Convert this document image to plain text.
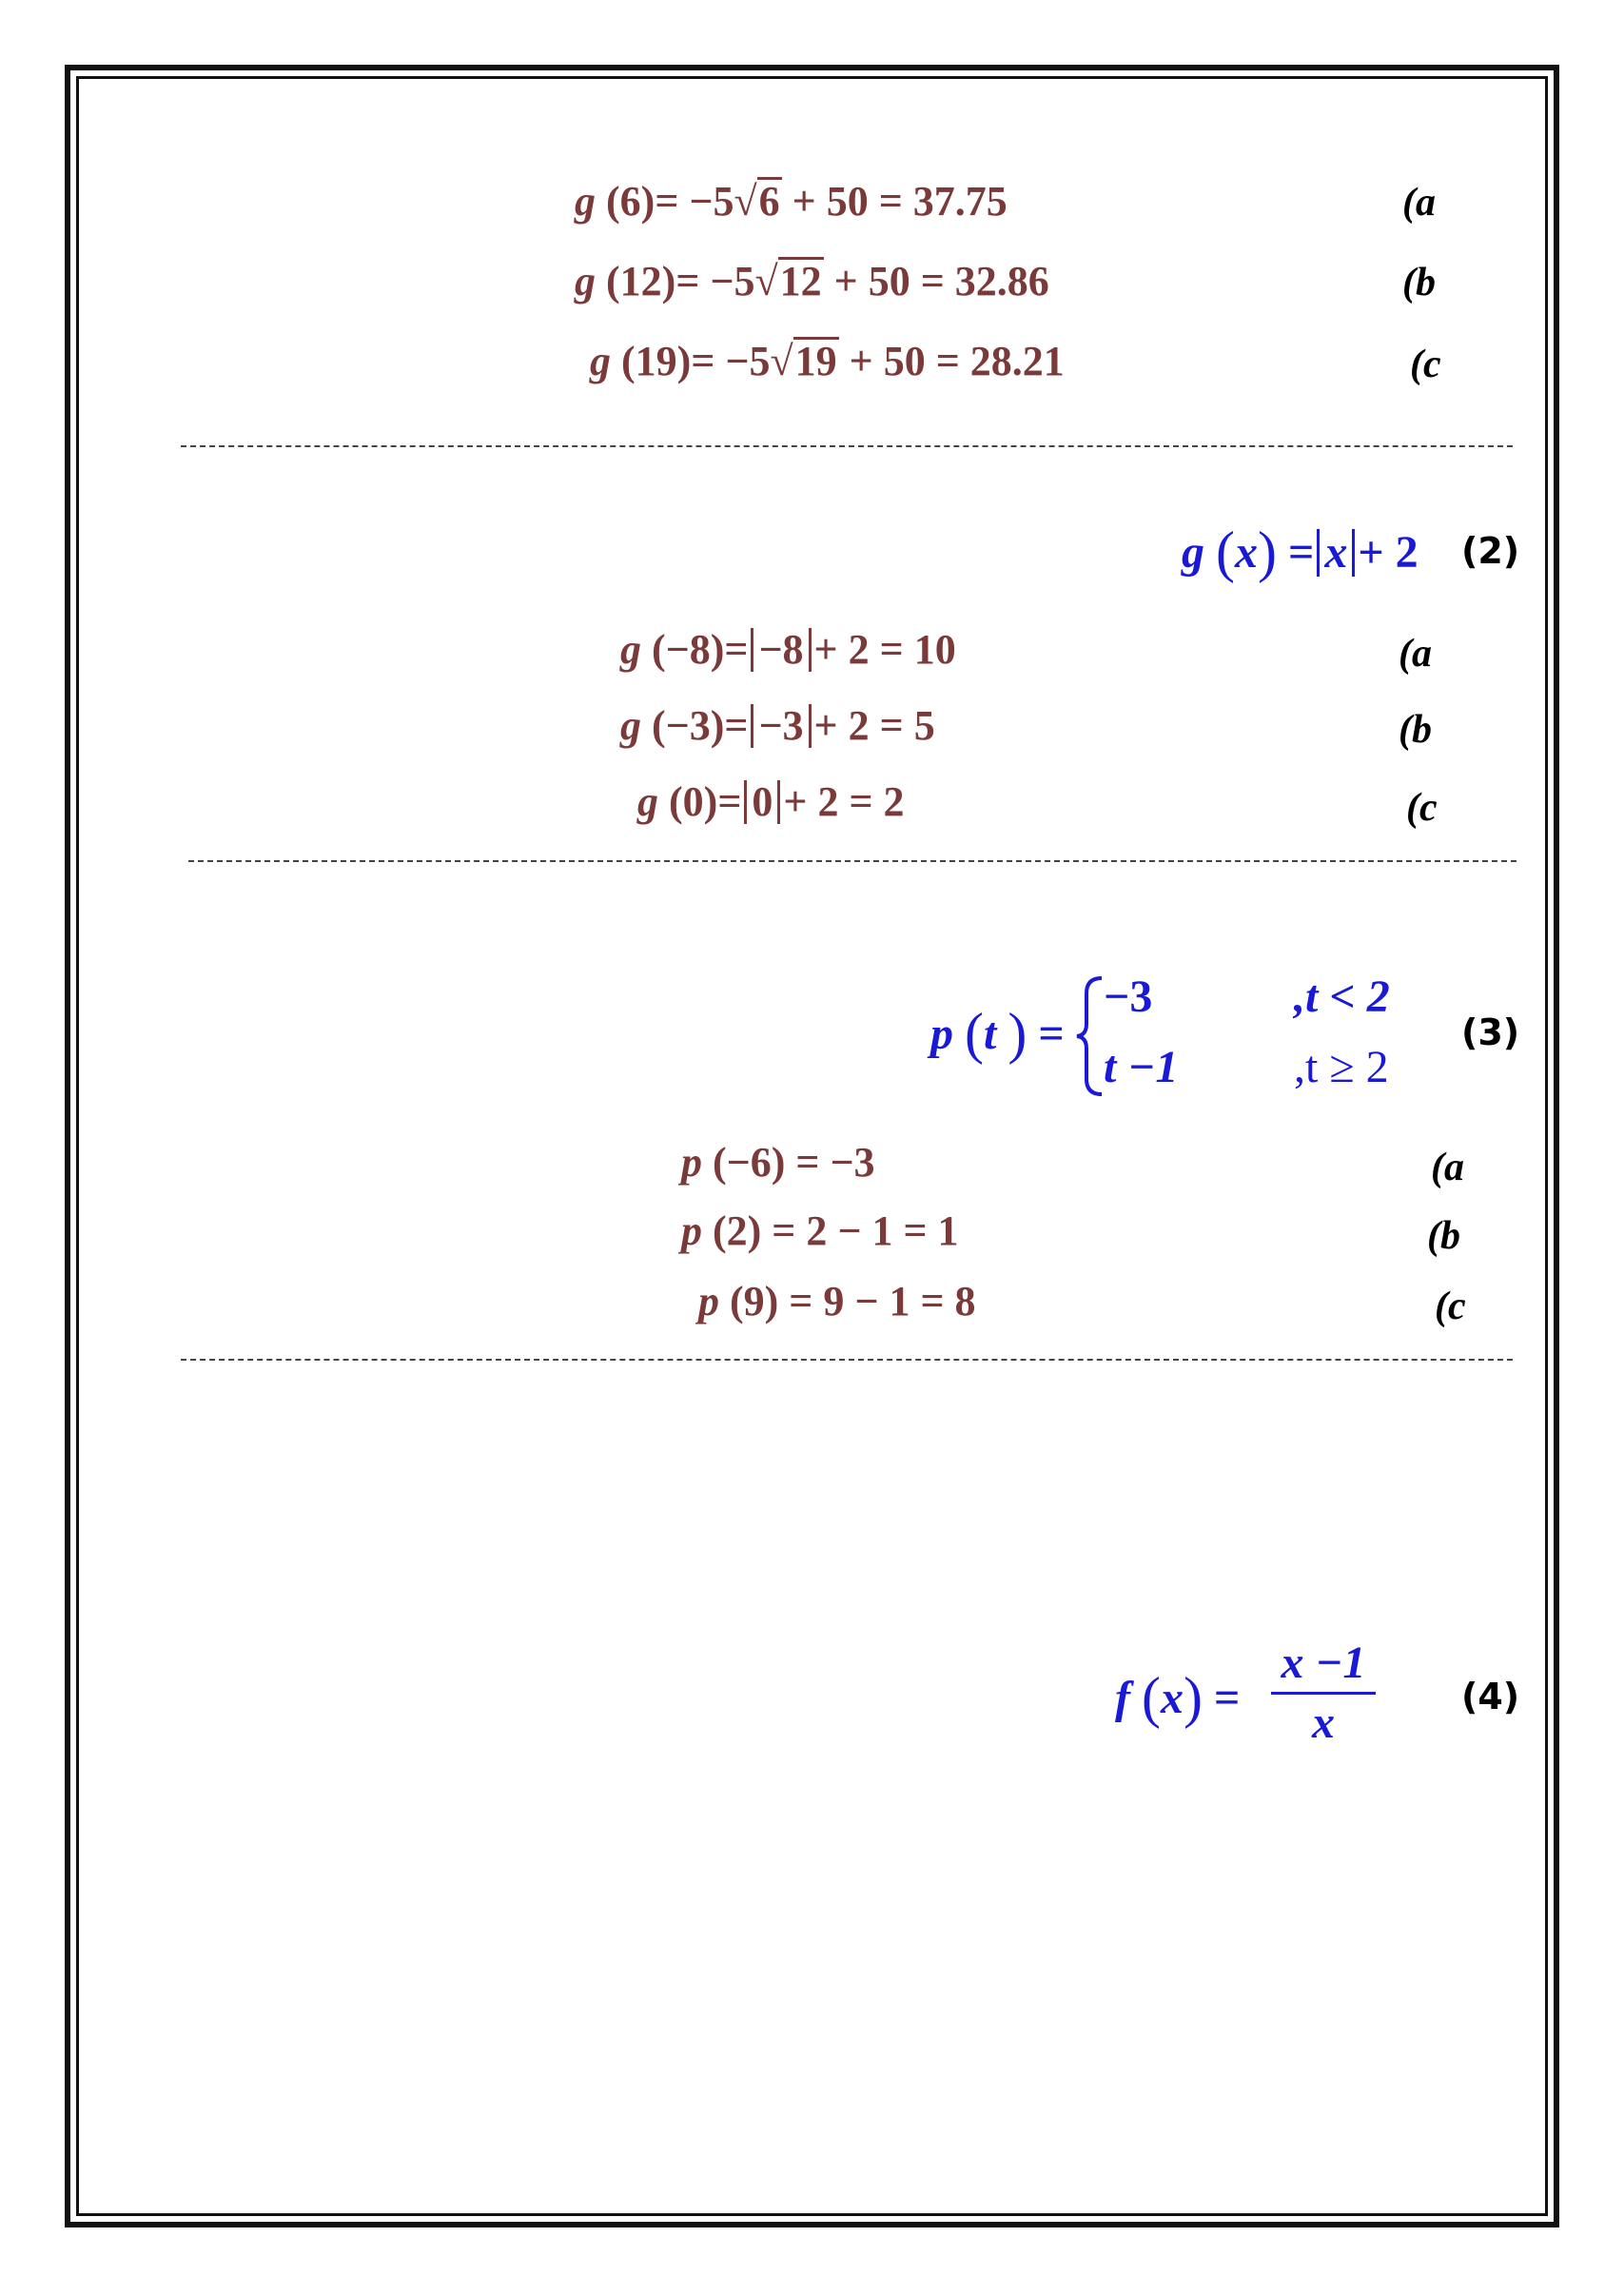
g (6)= −5√6 + 50 = 37.75	(a
g (12)= −5√12 + 50 = 32.86	(b
g (19)= −5√19 + 50 = 28.21	(c
g (x) = x + 2 (2)
g (−8)= −8 + 2 = 10	(a
g (−3)= −3 + 2 = 5	(b
g (0)= 0 + 2 = 2	(c
p (t ) =
−3	,t < 2
t −1	,t ≥ 2
(3)
p (−6) = −3	(a
p (2) = 2 − 1 = 1	(b
p (9) = 9 − 1 = 8	(c
f (x) =
x −1
x
(4)
